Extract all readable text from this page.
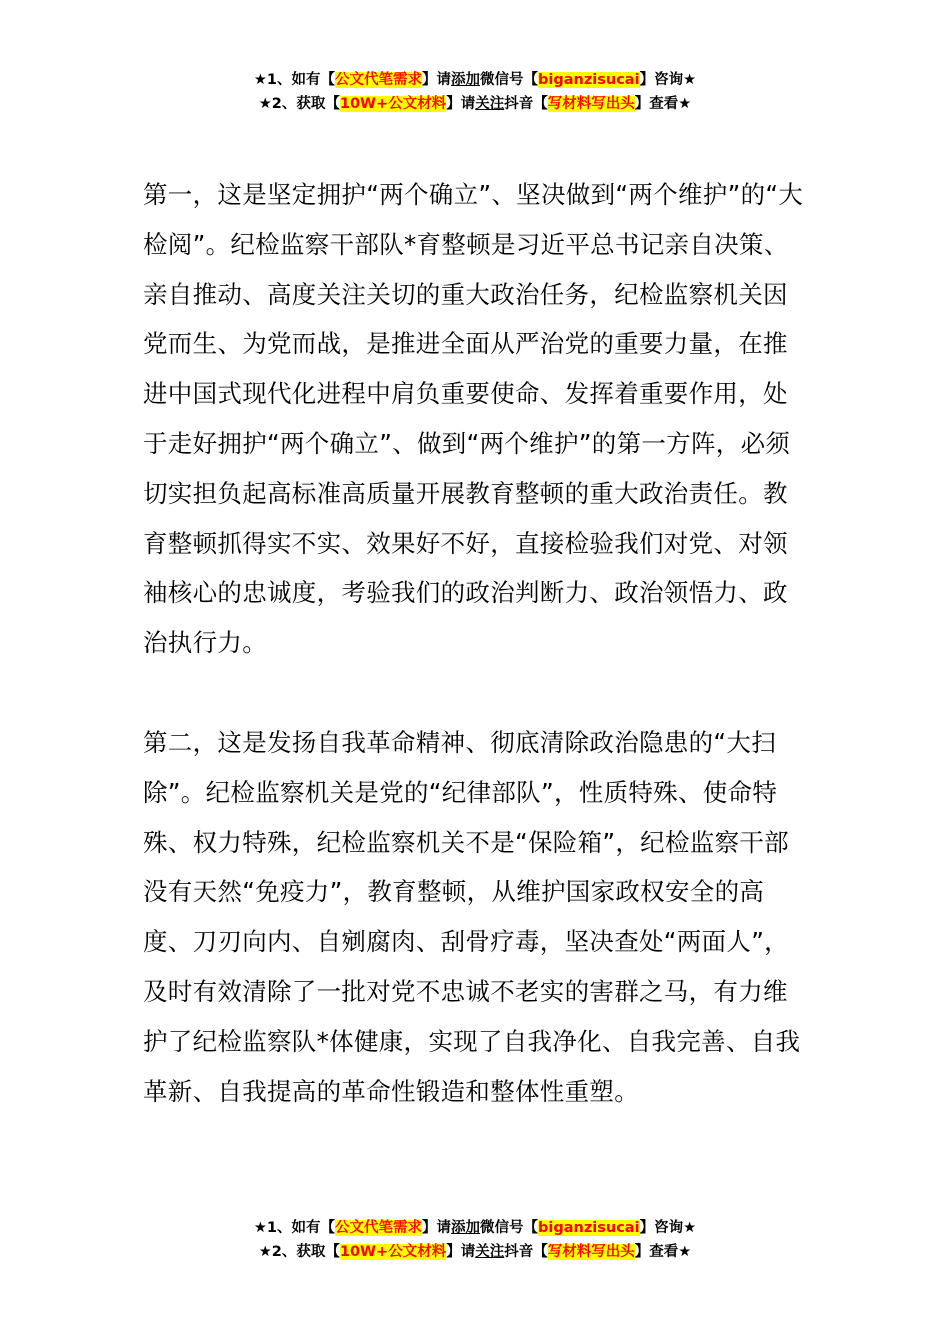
★1、如有【公文代笔需求】请添加微信号【biganzisucai】咨询★
★2、获取【10W+公文材料】请关注抖音【写材料写出头】查看★

第一，这是坚定拥护“两个确立”、坚决做到“两个维护”的“大检阅”。纪检监察干部队*育整顿是习近平总书记亲自决策、亲自推动、高度关注关切的重大政治任务，纪检监察机关因党而生、为党而战，是推进全面从严治党的重要力量，在推进中国式现代化进程中肩负重要使命、发挥着重要作用，处于走好拥护“两个确立”、做到“两个维护”的第一方阵，必须切实担负起高标准高质量开展教育整顿的重大政治责任。教育整顿抓得实不实、效果好不好，直接检验我们对党、对领袖核心的忠诚度，考验我们的政治判断力、政治领悟力、政治执行力。

第二，这是发扬自我革命精神、彻底清除政治隐患的“大扫除”。纪检监察机关是党的“纪律部队”，性质特殊、使命特殊、权力特殊，纪检监察机关不是“保险箱”，纪检监察干部没有天然“免疫力”，教育整顿，从维护国家政权安全的高度、刀刃向内、自剜腐肉、刮骨疗毒，坚决查处“两面人”，及时有效清除了一批对党不忠诚不老实的害群之马，有力维护了纪检监察队*体健康，实现了自我净化、自我完善、自我革新、自我提高的革命性锻造和整体性重塑。

★1、如有【公文代笔需求】请添加微信号【biganzisucai】咨询★
★2、获取【10W+公文材料】请关注抖音【写材料写出头】查看★
